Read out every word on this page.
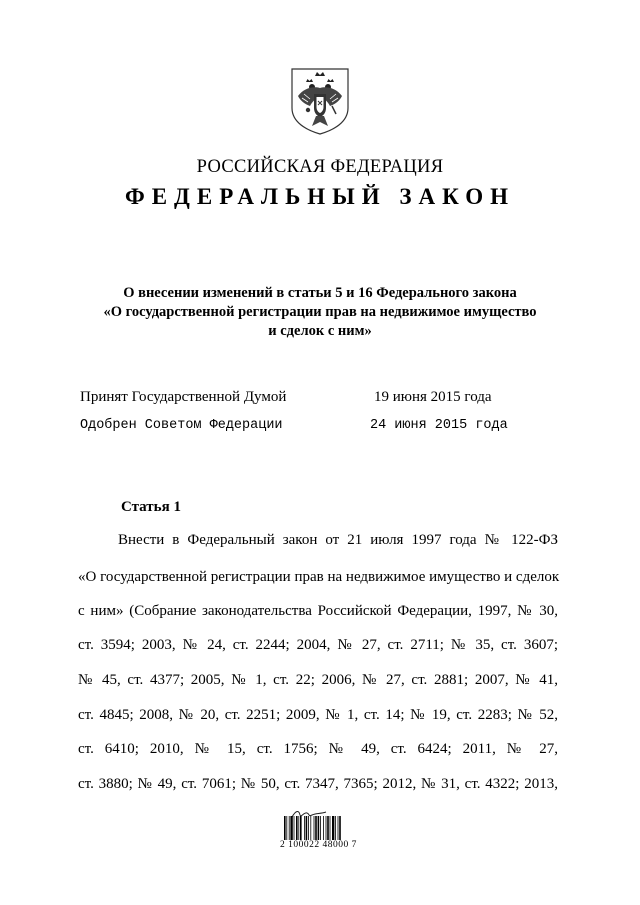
РОССИЙСКАЯ ФЕДЕРАЦИЯ
ФЕДЕРАЛЬНЫЙ ЗАКОН
О внесении изменений в статьи 5 и 16 Федерального закона
«О государственной регистрации прав на недвижимое имущество
и сделок с ним»
Принят Государственной Думой	19 июня 2015 года
Одобрен Советом Федерации	24 июня 2015 года
Статья 1
Внести в Федеральный закон от 21 июля 1997 года № 122-ФЗ
«О государственной регистрации прав на недвижимое имущество и сделок
с ним» (Собрание законодательства Российской Федерации, 1997, № 30,
ст. 3594; 2003, № 24, ст. 2244; 2004, № 27, ст. 2711; № 35, ст. 3607;
№ 45, ст. 4377; 2005, № 1, ст. 22; 2006, № 27, ст. 2881; 2007, № 41,
ст. 4845; 2008, № 20, ст. 2251; 2009, № 1, ст. 14; № 19, ст. 2283; № 52,
ст. 6410; 2010, № 15, ст. 1756; № 49, ст. 6424; 2011, № 27,
ст. 3880; № 49, ст. 7061; № 50, ст. 7347, 7365; 2012, № 31, ст. 4322; 2013,
2 100022 48000 7
